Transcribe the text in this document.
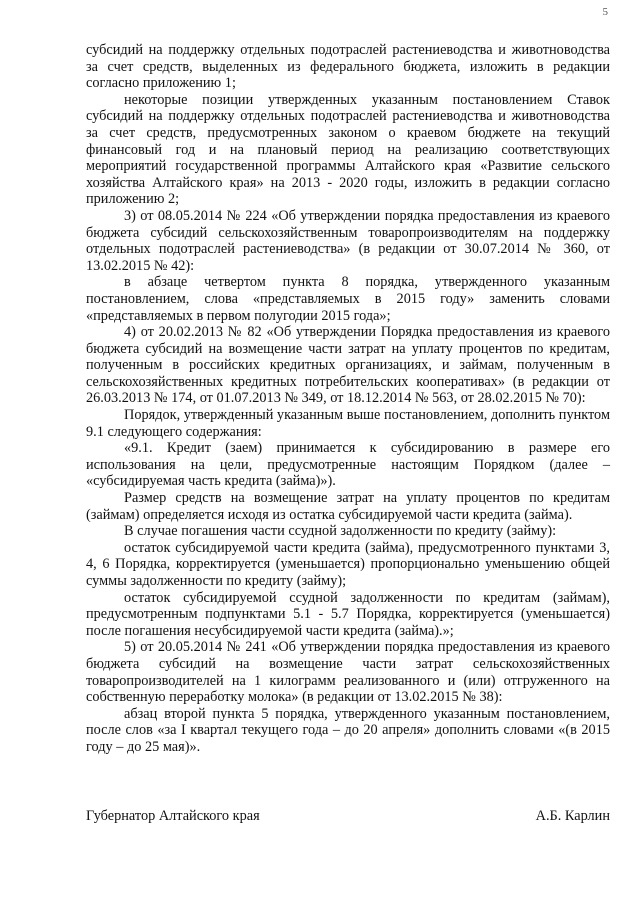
5

субсидий на поддержку отдельных подотраслей растениеводства и животноводства за счет средств, выделенных из федерального бюджета, изложить в редакции согласно приложению 1;

некоторые позиции утвержденных указанным постановлением Ставок субсидий на поддержку отдельных подотраслей растениеводства и животноводства за счет средств, предусмотренных законом о краевом бюджете на текущий финансовый год и на плановый период на реализацию соответствующих мероприятий государственной программы Алтайского края «Развитие сельского хозяйства Алтайского края» на 2013 - 2020 годы, изложить в редакции согласно приложению 2;

3) от 08.05.2014 № 224 «Об утверждении порядка предоставления из краевого бюджета субсидий сельскохозяйственным товаропроизводителям на поддержку отдельных подотраслей растениеводства» (в редакции от 30.07.2014 № 360, от 13.02.2015 № 42):

в абзаце четвертом пункта 8 порядка, утвержденного указанным постановлением, слова «представляемых в 2015 году» заменить словами «представляемых в первом полугодии 2015 года»;

4) от 20.02.2013 № 82 «Об утверждении Порядка предоставления из краевого бюджета субсидий на возмещение части затрат на уплату процентов по кредитам, полученным в российских кредитных организациях, и займам, полученным в сельскохозяйственных кредитных потребительских кооперативах» (в редакции от 26.03.2013 № 174, от 01.07.2013 № 349, от 18.12.2014 № 563, от 28.02.2015 № 70):

Порядок, утвержденный указанным выше постановлением, дополнить пунктом 9.1 следующего содержания:

«9.1. Кредит (заем) принимается к субсидированию в размере его использования на цели, предусмотренные настоящим Порядком (далее – «субсидируемая часть кредита (займа)»).

Размер средств на возмещение затрат на уплату процентов по кредитам (займам) определяется исходя из остатка субсидируемой части кредита (займа).

В случае погашения части ссудной задолженности по кредиту (займу):

остаток субсидируемой части кредита (займа), предусмотренного пунктами 3, 4, 6 Порядка, корректируется (уменьшается) пропорционально уменьшению общей суммы задолженности по кредиту (займу);

остаток субсидируемой ссудной задолженности по кредитам (займам), предусмотренным подпунктами 5.1 - 5.7 Порядка, корректируется (уменьшается) после погашения несубсидируемой части кредита (займа).»;

5) от 20.05.2014 № 241 «Об утверждении порядка предоставления из краевого бюджета субсидий на возмещение части затрат сельскохозяйственных товаропроизводителей на 1 килограмм реализованного и (или) отгруженного на собственную переработку молока» (в редакции от 13.02.2015 № 38):

абзац второй пункта 5 порядка, утвержденного указанным постановлением, после слов «за I квартал текущего года – до 20 апреля» дополнить словами «(в 2015 году – до 25 мая)».

Губернатор Алтайского края	А.Б. Карлин
